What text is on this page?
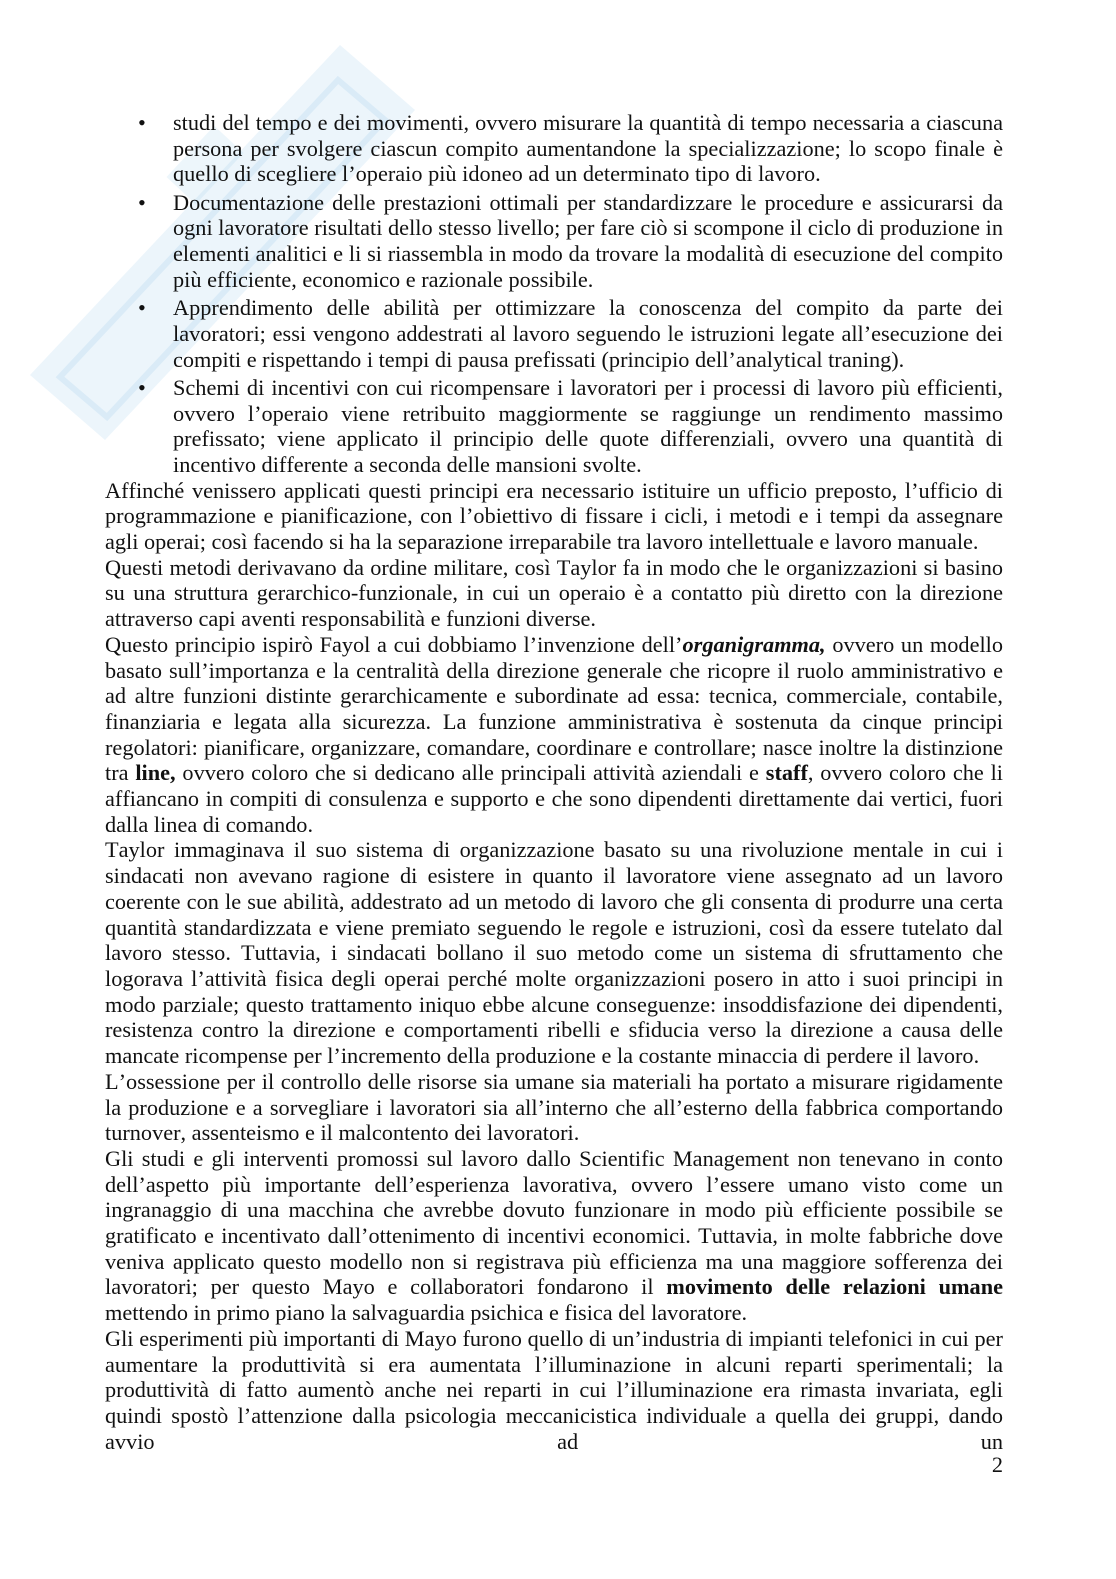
• studi del tempo e dei movimenti, ovvero misurare la quantità di tempo necessaria a ciascuna persona per svolgere ciascun compito aumentandone la specializzazione; lo scopo finale è quello di scegliere l’operaio più idoneo ad un determinato tipo di lavoro.
• Documentazione delle prestazioni ottimali per standardizzare le procedure e assicurarsi da ogni lavoratore risultati dello stesso livello; per fare ciò si scompone il ciclo di produzione in elementi analitici e li si riassembla in modo da trovare la modalità di esecuzione del compito più efficiente, economico e razionale possibile.
• Apprendimento delle abilità per ottimizzare la conoscenza del compito da parte dei lavoratori; essi vengono addestrati al lavoro seguendo le istruzioni legate all’esecuzione dei compiti e rispettando i tempi di pausa prefissati (principio dell’analytical traning).
• Schemi di incentivi con cui ricompensare i lavoratori per i processi di lavoro più efficienti, ovvero l’operaio viene retribuito maggiormente se raggiunge un rendimento massimo prefissato; viene applicato il principio delle quote differenziali, ovvero una quantità di incentivo differente a seconda delle mansioni svolte.

Affinché venissero applicati questi principi era necessario istituire un ufficio preposto, l’ufficio di programmazione e pianificazione, con l’obiettivo di fissare i cicli, i metodi e i tempi da assegnare agli operai; così facendo si ha la separazione irreparabile tra lavoro intellettuale e lavoro manuale.

Questi metodi derivavano da ordine militare, così Taylor fa in modo che le organizzazioni si basino su una struttura gerarchico-funzionale, in cui un operaio è a contatto più diretto con la direzione attraverso capi aventi responsabilità e funzioni diverse.

Questo principio ispirò Fayol a cui dobbiamo l’invenzione dell’organigramma, ovvero un modello basato sull’importanza e la centralità della direzione generale che ricopre il ruolo amministrativo e ad altre funzioni distinte gerarchicamente e subordinate ad essa: tecnica, commerciale, contabile, finanziaria e legata alla sicurezza. La funzione amministrativa è sostenuta da cinque principi regolatori: pianificare, organizzare, comandare, coordinare e controllare; nasce inoltre la distinzione tra line, ovvero coloro che si dedicano alle principali attività aziendali e staff, ovvero coloro che li affiancano in compiti di consulenza e supporto e che sono dipendenti direttamente dai vertici, fuori dalla linea di comando.

Taylor immaginava il suo sistema di organizzazione basato su una rivoluzione mentale in cui i sindacati non avevano ragione di esistere in quanto il lavoratore viene assegnato ad un lavoro coerente con le sue abilità, addestrato ad un metodo di lavoro che gli consenta di produrre una certa quantità standardizzata e viene premiato seguendo le regole e istruzioni, così da essere tutelato dal lavoro stesso. Tuttavia, i sindacati bollano il suo metodo come un sistema di sfruttamento che logorava l’attività fisica degli operai perché molte organizzazioni posero in atto i suoi principi in modo parziale; questo trattamento iniquo ebbe alcune conseguenze: insoddisfazione dei dipendenti, resistenza contro la direzione e comportamenti ribelli e sfiducia verso la direzione a causa delle mancate ricompense per l’incremento della produzione e la costante minaccia di perdere il lavoro.

L’ossessione per il controllo delle risorse sia umane sia materiali ha portato a misurare rigidamente la produzione e a sorvegliare i lavoratori sia all’interno che all’esterno della fabbrica comportando turnover, assenteismo e il malcontento dei lavoratori.

Gli studi e gli interventi promossi sul lavoro dallo Scientific Management non tenevano in conto dell’aspetto più importante dell’esperienza lavorativa, ovvero l’essere umano visto come un ingranaggio di una macchina che avrebbe dovuto funzionare in modo più efficiente possibile se gratificato e incentivato dall’ottenimento di incentivi economici. Tuttavia, in molte fabbriche dove veniva applicato questo modello non si registrava più efficienza ma una maggiore sofferenza dei lavoratori; per questo Mayo e collaboratori fondarono il movimento delle relazioni umane mettendo in primo piano la salvaguardia psichica e fisica del lavoratore.

Gli esperimenti più importanti di Mayo furono quello di un’industria di impianti telefonici in cui per aumentare la produttività si era aumentata l’illuminazione in alcuni reparti sperimentali; la produttività di fatto aumentò anche nei reparti in cui l’illuminazione era rimasta invariata, egli quindi spostò l’attenzione dalla psicologia meccanicistica individuale a quella dei gruppi, dando avvio ad un

2
